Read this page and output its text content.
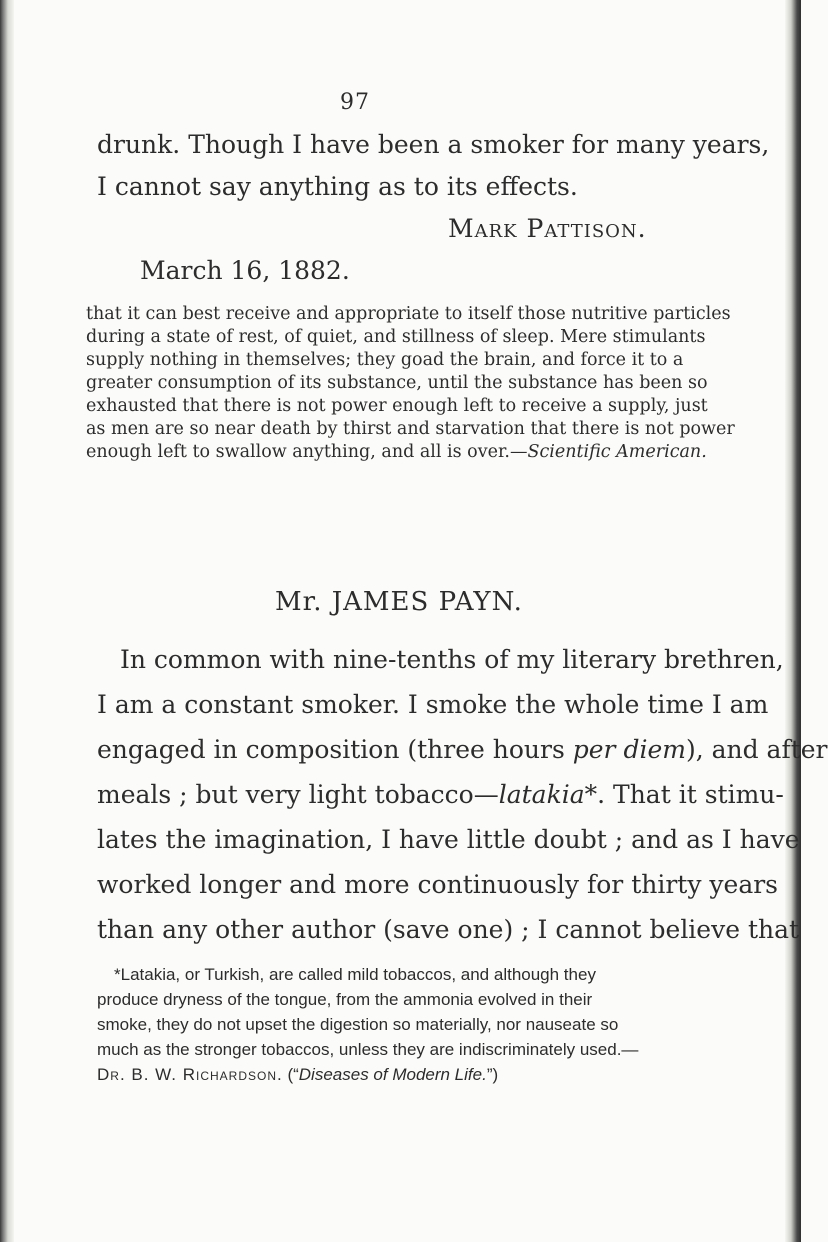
97
drunk. Though I have been a smoker for many years,
I cannot say anything as to its effects.
Mark Pattison.
March 16, 1882.
that it can best receive and appropriate to itself those nutritive particles
during a state of rest, of quiet, and stillness of sleep. Mere stimulants
supply nothing in themselves; they goad the brain, and force it to a
greater consumption of its substance, until the substance has been so
exhausted that there is not power enough left to receive a supply, just
as men are so near death by thirst and starvation that there is not power
enough left to swallow anything, and all is over.—Scientific American.
Mr. JAMES PAYN.
In common with nine-tenths of my literary brethren,
I am a constant smoker. I smoke the whole time I am
engaged in composition (three hours per diem), and after
meals ; but very light tobacco—latakia*. That it stimu-
lates the imagination, I have little doubt ; and as I have
worked longer and more continuously for thirty years
than any other author (save one) ; I cannot believe that
*Latakia, or Turkish, are called mild tobaccos, and although they
produce dryness of the tongue, from the ammonia evolved in their
smoke, they do not upset the digestion so materially, nor nauseate so
much as the stronger tobaccos, unless they are indiscriminately used.—
Dr. B. W. Richardson. (“Diseases of Modern Life.”)
